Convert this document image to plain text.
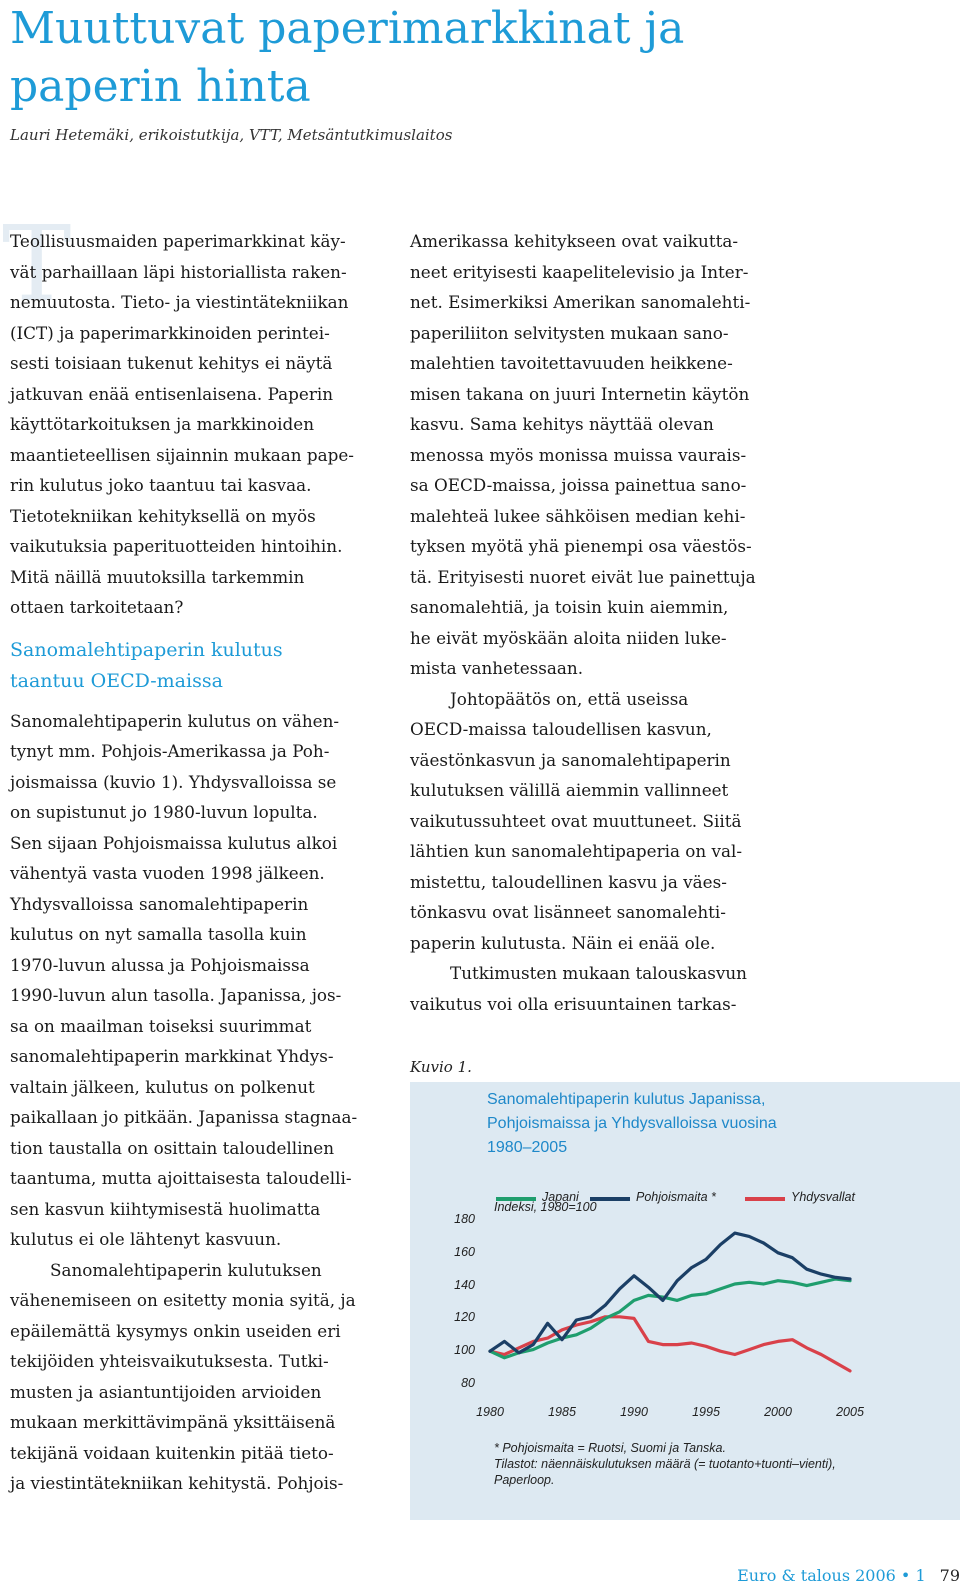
Muuttuvat paperimarkkinat ja
paperin hinta

Lauri Hetemäki, erikoistutkija, VTT, Metsäntutkimuslaitos

T

Teollisuusmaiden paperimarkkinat käy-
vät parhaillaan läpi historiallista raken-
nemuutosta. Tieto- ja viestintätekniikan
(ICT) ja paperimarkkinoiden perintei-
sesti toisiaan tukenut kehitys ei näytä
jatkuvan enää entisenlaisena. Paperin
käyttötarkoituksen ja markkinoiden
maantieteellisen sijainnin mukaan pape-
rin kulutus joko taantuu tai kasvaa.
Tietotekniikan kehityksellä on myös
vaikutuksia paperituotteiden hintoihin.
Mitä näillä muutoksilla tarkemmin
ottaen tarkoitetaan?

Sanomalehtipaperin kulutus
taantuu OECD-maissa

Sanomalehtipaperin kulutus on vähen-
tynyt mm. Pohjois-Amerikassa ja Poh-
joismaissa (kuvio 1). Yhdysvalloissa se
on supistunut jo 1980-luvun lopulta.
Sen sijaan Pohjoismaissa kulutus alkoi
vähentyä vasta vuoden 1998 jälkeen.
Yhdysvalloissa sanomalehtipaperin
kulutus on nyt samalla tasolla kuin
1970-luvun alussa ja Pohjoismaissa
1990-luvun alun tasolla. Japanissa, jos-
sa on maailman toiseksi suurimmat
sanomalehtipaperin markkinat Yhdys-
valtain jälkeen, kulutus on polkenut
paikallaan jo pitkään. Japanissa stagnaa-
tion taustalla on osittain taloudellinen
taantuma, mutta ajoittaisesta taloudelli-
sen kasvun kiihtymisestä huolimatta
kulutus ei ole lähtenyt kasvuun.

Sanomalehtipaperin kulutuksen
vähenemiseen on esitetty monia syitä, ja
epäilemättä kysymys onkin useiden eri
tekijöiden yhteisvaikutuksesta. Tutki-
musten ja asiantuntijoiden arvioiden
mukaan merkittävimpänä yksittäisenä
tekijänä voidaan kuitenkin pitää tieto-
ja viestintätekniikan kehitystä. Pohjois-

Amerikassa kehitykseen ovat vaikutta-
neet erityisesti kaapelitelevisio ja Inter-
net. Esimerkiksi Amerikan sanomalehti-
paperiliiton selvitysten mukaan sano-
malehtien tavoitettavuuden heikkene-
misen takana on juuri Internetin käytön
kasvu. Sama kehitys näyttää olevan
menossa myös monissa muissa vaurais-
sa OECD-maissa, joissa painettua sano-
malehteä lukee sähköisen median kehi-
tyksen myötä yhä pienempi osa väestös-
tä. Erityisesti nuoret eivät lue painettuja
sanomalehtiä, ja toisin kuin aiemmin,
he eivät myöskään aloita niiden luke-
mista vanhetessaan.

Johtopäätös on, että useissa
OECD-maissa taloudellisen kasvun,
väestönkasvun ja sanomalehtipaperin
kulutuksen välillä aiemmin vallinneet
vaikutussuhteet ovat muuttuneet. Siitä
lähtien kun sanomalehtipaperia on val-
mistettu, taloudellinen kasvu ja väes-
tönkasvu ovat lisänneet sanomalehti-
paperin kulutusta. Näin ei enää ole.

Tutkimusten mukaan talouskasvun
vaikutus voi olla erisuuntainen tarkas-

Kuvio 1.
Sanomalehtipaperin kulutus Japanissa,
Pohjoismaissa ja Yhdysvalloissa vuosina
1980–2005
Japani	Pohjoismaita *	Yhdysvallat
Indeksi, 1980=100
80
100
120
140
160
180
1980	1985	1990	1995	2000	2005
* Pohjoismaita = Ruotsi, Suomi ja Tanska.
Tilastot: näennäiskulutuksen määrä (= tuotanto+tuonti–vienti),
Paperloop.
Euro & talous 2006 • 1 79
